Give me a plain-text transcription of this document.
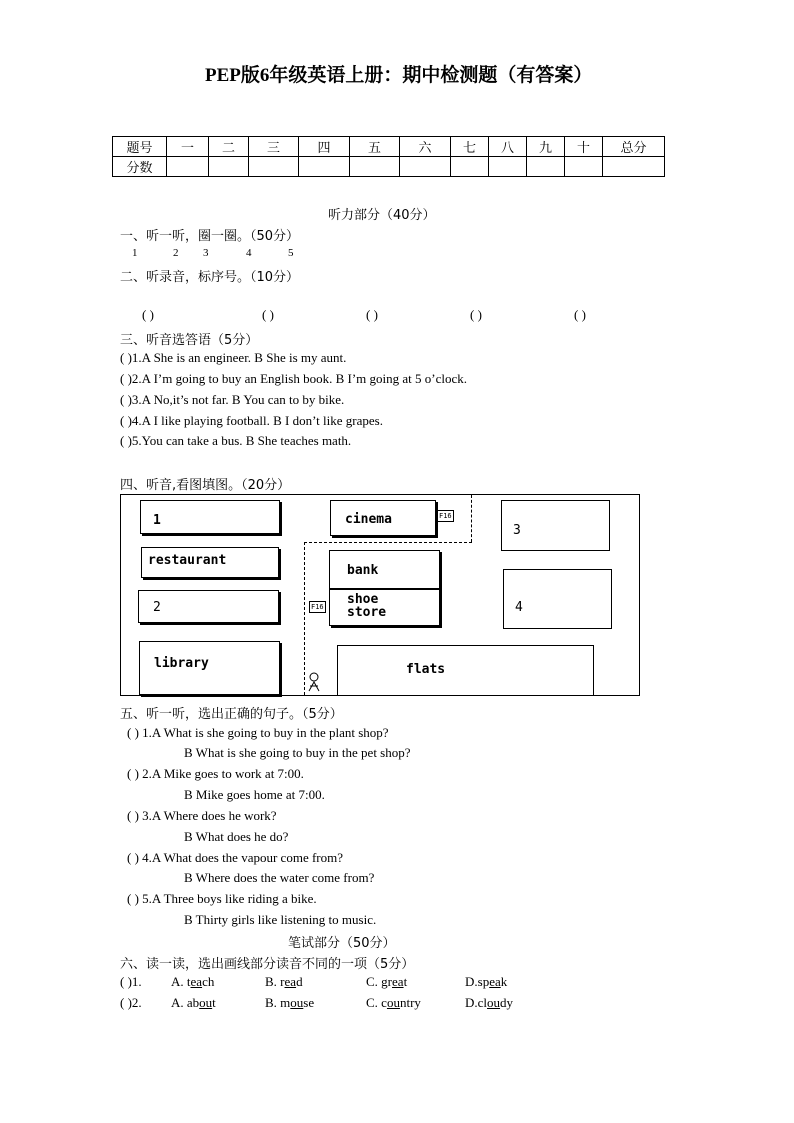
PEP版6年级英语上册：期中检测题（有答案）
题号	一	二	三	四	五	六	七	八	九	十	总分
分数											
听力部分（40分）
一、听一听，圈一圈。（50分）
1	2 3	4	5
二、听录音，标序号。（10分）
( )	( )	( )	( )	( )
三、听音选答语（5分）
( )1.A She is an engineer. B She is my aunt.
( )2.A I’m going to buy an English book. B I’m going at 5 o’clock.
( )3.A No,it’s not far. B You can to by bike.
( )4.A I like playing football. B I don’t like grapes.
( )5.You can take a bus. B She teaches math.
四、听音,看图填图。（20分）
1	cinema	F16
3
restaurant
bank
shoe
store
F16	4
2
library	flats
五、听一听，选出正确的句子。（5分）
( ) 1.A What is she going to buy in the plant shop?
B What is she going to buy in the pet shop?
( ) 2.A Mike goes to work at 7:00.
B Mike goes home at 7:00.
( ) 3.A Where does he work?
B What does he do?
( ) 4.A What does the vapour come from?
B Where does the water come from?
( ) 5.A Three boys like riding a bike.
B Thirty girls like listening to music.
笔试部分（50分）
六、读一读，选出画线部分读音不同的一项（5分）
( )1. A. teach	B. read	C. great	D.speak
( )2. A. about	B. mouse	C. country	D.cloudy
